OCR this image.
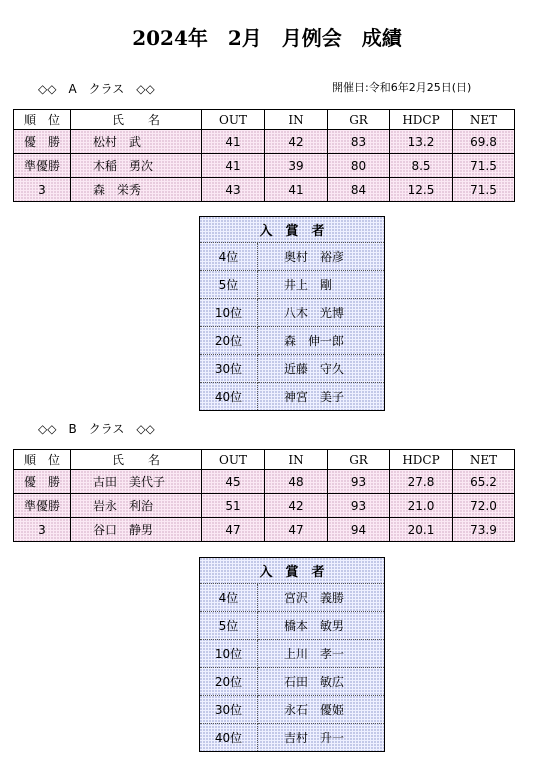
2024年　2月　月例会　成績
◇◇　A　クラス　◇◇	開催日:令和6年2月25日(日)
順　位	氏　　名	OUT	IN	GR	HDCP	NET
優　勝	松村　武	41	42	83	13.2	69.8
準優勝	木稲　勇次	41	39	80	8.5	71.5
3	森　栄秀	43	41	84	12.5	71.5
入　賞　者	
4位	奥村　裕彦
5位	井上　剛
10位	八木　光博
20位	森　伸一郎
30位	近藤　守久
40位	神宮　美子
◇◇　B　クラス　◇◇
順　位	氏　　名	OUT	IN	GR	HDCP	NET
優　勝	古田　美代子	45	48	93	27.8	65.2
準優勝	岩永　利治	51	42	93	21.0	72.0
3	谷口　静男	47	47	94	20.1	73.9
入　賞　者	
4位	宮沢　義勝
5位	橋本　敏男
10位	上川　孝一
20位	石田　敏広
30位	永石　優姫
40位	吉村　升一
